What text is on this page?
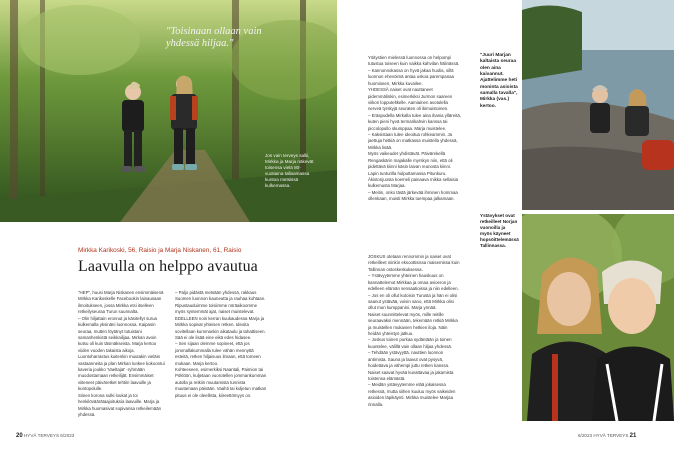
"Toisinaan ollaan vain yhdessä hiljaa."
Jos vain terveys sallii, Mirkka ja Marja näkevät toisensa vielä 80-vuotiaina tallaamassa kuntoa metsissä kulkemassa.
Mirkka Karikoski, 56, Raisio ja Marja Niskanen, 61, Raisio
Laavulla on helppo avautua

"HEP", huusi Marja Niskanen ensimmäisenä Mirkka Karikoskelle Facebookin lainausaan ilmoitukseen, jossa Mirkka etsi itselleen retkeilyseuraa Turun suunnalta.

– Olin hiljattain eronnut ja käsitellyt surua kulkemalla yksinäni luonnossa. Kaipasin seuraa, mutten löytänyt tutuistani samanhenkistä seikkailijaa. Mirkan avoin kutsu oli kuin täsmäkseista. Marja kertoo viiden vuoden takaista aikoja.

Luontoharrastus kuitenkin muutakin vieläin vastaanneita ja plan Mirkan lunkee kokoontui kaveria joukko 'Vaeltajat' -ryhmään muodostamaan retkeilijät. Ensimmäiset viiteneet päiväretket tehtiin laavuille ja kuntopolulle.

Siinen korona sulki loukat ja toi henkilöväärätaajoituksia laavuille. Marja ja Mirkka huomasivat sopivansa retkeilemään yhdessä.

– Paljo pidästä metsään yhdessä, rakkaus Suomen luonnon kauneutta ja rauhaa kohtaan. Ripustauduimme toisiimme nöräaikoomme myös syntemmät ajat, naiset muistelevat.

EDELLEEN noin kerran kuukaudessa Marja ja Mirkka sopivat yhteisen retken. Ideoita sovitellaan kummankin aikataulu ja tahattiseen. Sää ei ole lisää eine eikä edes hidasee.

– Sen sijaan olemme sopineet, että jos jommallakummalla tulee vähän mennyttä esteitä, retken hiljaisuus ilmaan, että tomeen mukaan. Marja kertoo.

Kohteeseen, esimerkiksi Naantali, Paimion tai Pöklöön, kuljetaan vuorotellen jommankumman autolla ja retkiin muutamista tunnista muutamaan päivään. Vaahti tai kuljetun matkan pituus ei ole oleellista, kiireettömyys on.

Yöitystien mielessä luonnossa on helpompi tutustua toiseen kuin vaikka kahvilan hälinässä.

– Kannonnokassa on hyvä jakaa huolia, sillä luonnon ehevöimä antaa uskoa parempanaa huomiseen, Mirkka kuvailee.

YHDESSÄ naiset ovat nauttaneet pidemmälinkin, esimerkiksi Jurmon saareen viikon lopputeltkelle. Aamiainen avotulella nerveä tyrskyjä seuraten oli ikimuistoinen.

– Eräspudella Mirkalla tulee aina ihania ylläreitä, kuten pieni hyvä termarikahvin kanssa tai piccolopullo skumppaa. Marja muistelee.

– Kaksistaan tulee ideoitua rohkeammin. Ja jaettuja hetkiä on matkassa muistella yhdessä, Mirkka lisää.

Myös vaikeudet yhdistävät. Päivärekellä Rengaskärin majakalle myrskyn niin, että oli pidettävä kiinni käsin laivan reunosta kiinni. Lapin tunturilla hulputtamassa Pitunkuru. Äkistonjuosta koemeli painaava mikka sellaisia kulkemusta Marjaa.

– Meitin, onko tästä järkevää ihminen hommaa ollenkaan, muisti Mirkka tuempaa jalkamaan.

JOSKUS otetaan rennommin ja naiset ovat retkeilleet niinkin eksoottisissa maisemissa kuin Tallinnan ostoskeskuksessa.

– Ystävyytemme yhteinen hauskuus on kannattelemut Mirkkaa ja omaa avioeron ja edelleen elämän sensaatioissa ja niin edelleen.

– Jos en oli ollut kotoisin Turusta ja hän ei olisi saanut ystävää, voisin sano, että Mirkka olisi ollut mun kumppanini. Marja ynnää.

Naiset suunnittelevat myös, mille reitille seuraavaksi mennään, tekemään retkiä Mirkka ja muistellen mukavien hetkien iloja. Näin heidän yhteistyö jatkuu.

– Joskus toinen purkaa sydäntään ja toinen kuuntelee, välillä vain ollaan hiljaa yhdessä.

– Tehdään ystävyyttä, nauttien luonnon antimista. Sauna ja laavut ovat pysyvä, hoidettava ja vähempi juttu retken kanssa.

Naiset saavat hyvää kuvattavaa ja jakamista toistensa elämästä.

– Meidän ystävyytemme elää jokaisessa retkessä, mutta siihen kuuluu myös vaikeiden asioiden läpikäynti. Mirkka muistelee Marjaa rinnalla.

"Juuri Marjan kaltaista seuraa olen aina kaivannut. Ajattelimme heti moninta asioista samalla tavalla", Mirkka (vas.) kertoo.
Ystävykset ovat retkeilleet Norjan vuonoilla ja myös käyneet hopsöittelemässä Tallinnassa.
20 HYVÄ TERVEYS 6/2023	6/2023 HYVÄ TERVEYS 21
